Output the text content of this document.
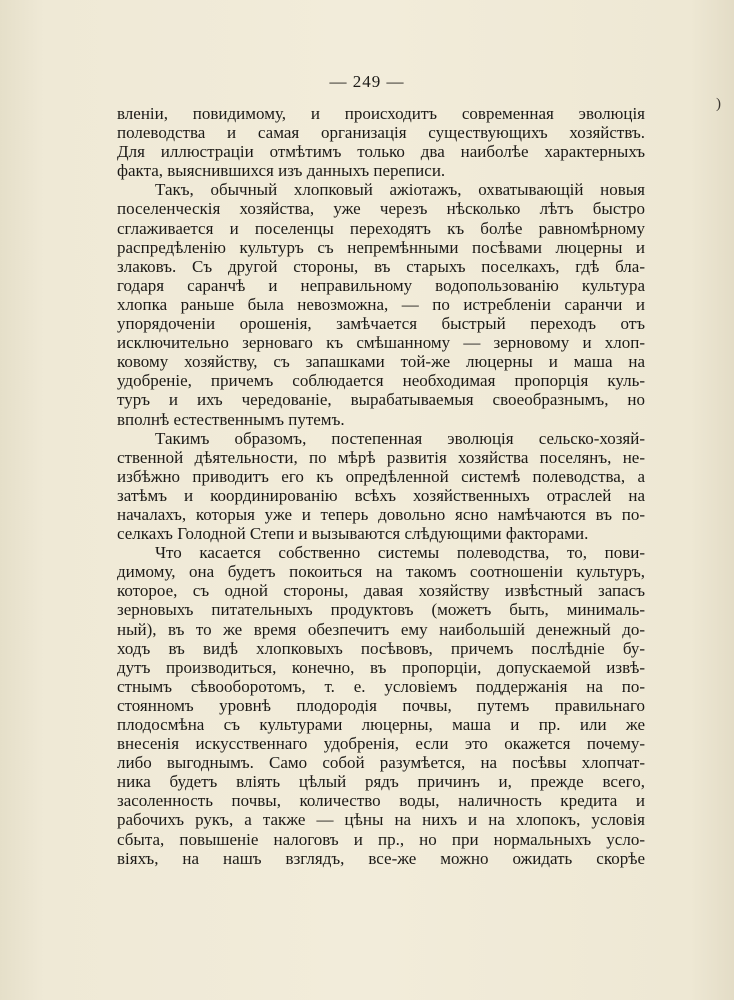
— 249 —
)
вленіи, повидимому, и происходитъ современная эволюція
полеводства и самая организація существующихъ хозяйствъ.
Для иллюстраціи отмѣтимъ только два наиболѣе характерныхъ
факта, выяснившихся изъ данныхъ переписи.
Такъ, обычный хлопковый ажіотажъ, охватывающій новыя
поселенческія хозяйства, уже черезъ нѣсколько лѣтъ быстро
сглаживается и поселенцы переходятъ къ болѣе равномѣрному
распредѣленію культуръ съ непремѣнными посѣвами люцерны и
злаковъ. Съ другой стороны, въ старыхъ поселкахъ, гдѣ бла-
годаря саранчѣ и неправильному водопользованію культура
хлопка раньше была невозможна, — по истребленіи саранчи и
упорядоченіи орошенія, замѣчается быстрый переходъ отъ
исключительно зерноваго къ смѣшанному — зерновому и хлоп-
ковому хозяйству, съ запашками той-же люцерны и маша на
удобреніе, причемъ соблюдается необходимая пропорція куль-
туръ и ихъ чередованіе, вырабатываемыя своеобразнымъ, но
вполнѣ естественнымъ путемъ.
Такимъ образомъ, постепенная эволюція сельско-хозяй-
ственной дѣятельности, по мѣрѣ развитія хозяйства поселянъ, не-
избѣжно приводитъ его къ опредѣленной системѣ полеводства, а
затѣмъ и координированію всѣхъ хозяйственныхъ отраслей на
началахъ, которыя уже и теперь довольно ясно намѣчаются въ по-
селкахъ Голодной Степи и вызываются слѣдующими факторами.
Что касается собственно системы полеводства, то, пови-
димому, она будетъ покоиться на такомъ соотношеніи культуръ,
которое, съ одной стороны, давая хозяйству извѣстный запасъ
зерновыхъ питательныхъ продуктовъ (можетъ быть, минималь-
ный), въ то же время обезпечитъ ему наибольшій денежный до-
ходъ въ видѣ хлопковыхъ посѣвовъ, причемъ послѣдніе бу-
дутъ производиться, конечно, въ пропорціи, допускаемой извѣ-
стнымъ сѣвооборотомъ, т. е. условіемъ поддержанія на по-
стоянномъ уровнѣ плодородія почвы, путемъ правильнаго
плодосмѣна съ культурами люцерны, маша и пр. или же
внесенія искусственнаго удобренія, если это окажется почему-
либо выгоднымъ. Само собой разумѣется, на посѣвы хлопчат-
ника будетъ вліять цѣлый рядъ причинъ и, прежде всего,
засоленность почвы, количество воды, наличность кредита и
рабочихъ рукъ, а также — цѣны на нихъ и на хлопокъ, условія
сбыта, повышеніе налоговъ и пр., но при нормальныхъ усло-
віяхъ, на нашъ взглядъ, все-же можно ожидать скорѣе
